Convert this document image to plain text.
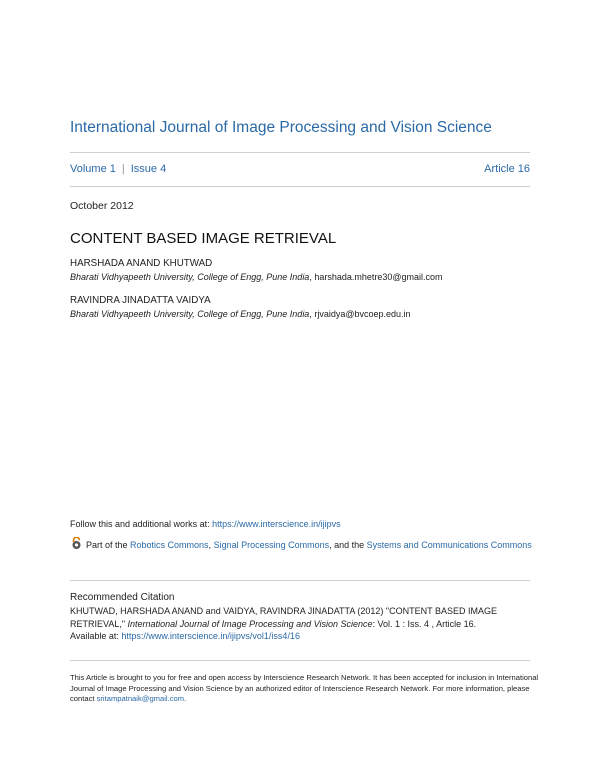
International Journal of Image Processing and Vision Science
Volume 1 | Issue 4	Article 16
October 2012
CONTENT BASED IMAGE RETRIEVAL
HARSHADA ANAND KHUTWAD
Bharati Vidhyapeeth University, College of Engg, Pune India, harshada.mhetre30@gmail.com
RAVINDRA JINADATTA VAIDYA
Bharati Vidhyapeeth University, College of Engg, Pune India, rjvaidya@bvcoep.edu.in
Follow this and additional works at: https://www.interscience.in/ijipvs
Part of the Robotics Commons, Signal Processing Commons, and the Systems and Communications Commons
Recommended Citation
KHUTWAD, HARSHADA ANAND and VAIDYA, RAVINDRA JINADATTA (2012) "CONTENT BASED IMAGE RETRIEVAL," International Journal of Image Processing and Vision Science: Vol. 1 : Iss. 4 , Article 16.
Available at: https://www.interscience.in/ijipvs/vol1/iss4/16
This Article is brought to you for free and open access by Interscience Research Network. It has been accepted for inclusion in International Journal of Image Processing and Vision Science by an authorized editor of Interscience Research Network. For more information, please contact sritampatnaik@gmail.com.
